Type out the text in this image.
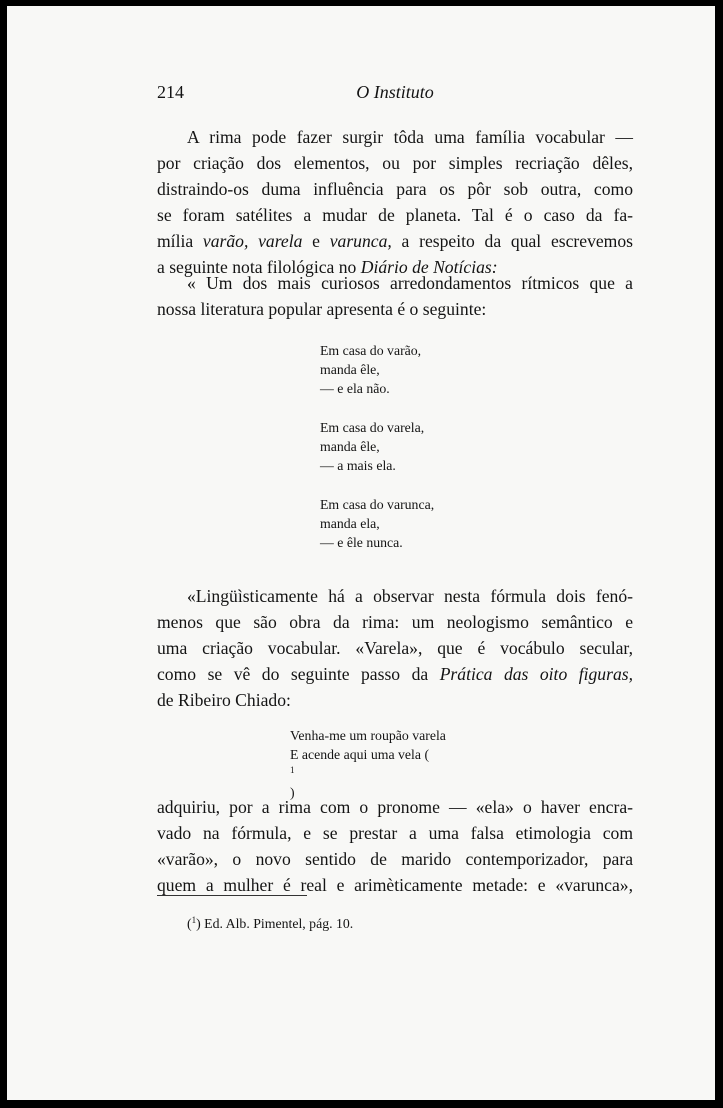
214	O Instituto
A rima pode fazer surgir tôda uma família vocabular —
por criação dos elementos, ou por simples recriação dêles,
distraindo-os duma influência para os pôr sob outra, como
se foram satélites a mudar de planeta. Tal é o caso da fa-
mília varão, varela e varunca, a respeito da qual escrevemos
a seguinte nota filológica no Diário de Notícias:
« Um dos mais curiosos arredondamentos rítmicos que a
nossa literatura popular apresenta é o seguinte:
Em casa do varão,
manda êle,
— e ela não.
Em casa do varela,
manda êle,
— a mais ela.
Em casa do varunca,
manda ela,
— e êle nunca.
«Lingüìsticamente há a observar nesta fórmula dois fenó-
menos que são obra da rima: um neologismo semântico e
uma criação vocabular. «Varela», que é vocábulo secular,
como se vê do seguinte passo da Prática das oito figuras,
de Ribeiro Chiado:
Venha-me um roupão varela
E acende aqui uma vela (
$^1$
)
adquiriu, por a rima com o pronome — «ela» o haver encra-
vado na fórmula, e se prestar a uma falsa etimologia com
«varão», o novo sentido de marido contemporizador, para
quem a mulher é real e arimèticamente metade: e «varunca»,
($^1$) Ed. Alb. Pimentel, pág. 10.
